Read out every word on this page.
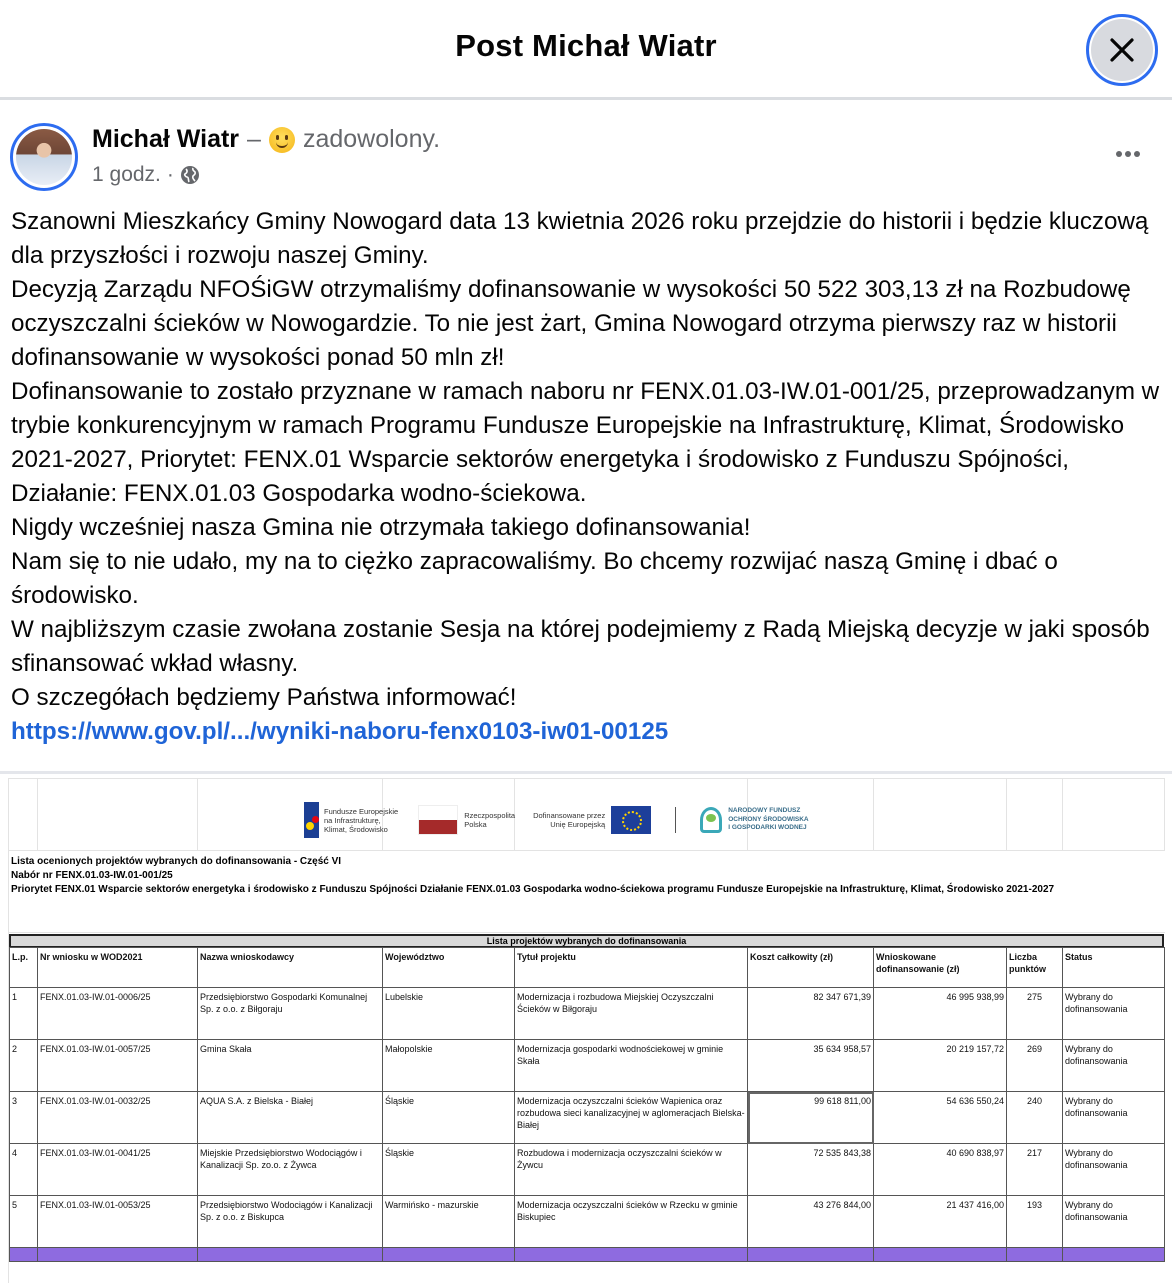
Post Michał Wiatr
Michał Wiatr – zadowolony.
1 godz. ·

Szanowni Mieszkańcy Gminy Nowogard data 13 kwietnia 2026 roku przejdzie do historii i będzie kluczową dla przyszłości i rozwoju naszej Gminy.

Decyzją Zarządu NFOŚiGW otrzymaliśmy dofinansowanie w wysokości 50 522 303,13 zł na Rozbudowę oczyszczalni ścieków w Nowogardzie. To nie jest żart, Gmina Nowogard otrzyma pierwszy raz w historii dofinansowanie w wysokości ponad 50 mln zł!

Dofinansowanie to zostało przyznane w ramach naboru nr FENX.01.03-IW.01-001/25, przeprowadzanym w trybie konkurencyjnym w ramach Programu Fundusze Europejskie na Infrastrukturę, Klimat, Środowisko 2021-2027, Priorytet: FENX.01 Wsparcie sektorów energetyka i środowisko z Funduszu Spójności, Działanie: FENX.01.03 Gospodarka wodno-ściekowa.

Nigdy wcześniej nasza Gmina nie otrzymała takiego dofinansowania!

Nam się to nie udało, my na to ciężko zapracowaliśmy. Bo chcemy rozwijać naszą Gminę i dbać o środowisko.

W najbliższym czasie zwołana zostanie Sesja na której podejmiemy z Radą Miejską decyzje w jaki sposób sfinansować wkład własny.

O szczegółach będziemy Państwa informować!

https://www.gov.pl/.../wyniki-naboru-fenx0103-iw01-00125
Fundusze Europejskie
na Infrastrukturę,
Klimat, Środowisko
Rzeczpospolita
Polska
Dofinansowane przez
Unię Europejską
NARODOWY FUNDUSZ
OCHRONY ŚRODOWISKA
I GOSPODARKI WODNEJ
Lista ocenionych projektów wybranych do dofinansowania - Część VI
Nabór nr FENX.01.03-IW.01-001/25
Priorytet FENX.01 Wsparcie sektorów energetyka i środowisko z Funduszu Spójności Działanie FENX.01.03 Gospodarka wodno-ściekowa programu Fundusze Europejskie na Infrastrukturę, Klimat, Środowisko 2021-2027
Lista projektów wybranych do dofinansowania
L.p.	Nr wniosku w WOD2021	Nazwa wnioskodawcy	Województwo	Tytuł projektu	Koszt całkowity (zł)	Wnioskowane dofinansowanie (zł)	Liczba punktów	Status
1	FENX.01.03-IW.01-0006/25	Przedsiębiorstwo Gospodarki Komunalnej Sp. z o.o. z Biłgoraju	Lubelskie	Modernizacja i rozbudowa Miejskiej Oczyszczalni Ścieków w Biłgoraju	82 347 671,39	46 995 938,99	275	Wybrany do dofinansowania
2	FENX.01.03-IW.01-0057/25	Gmina Skała	Małopolskie	Modernizacja gospodarki wodnościekowej w gminie Skała	35 634 958,57	20 219 157,72	269	Wybrany do dofinansowania
3	FENX.01.03-IW.01-0032/25	AQUA S.A. z Bielska - Białej	Śląskie	Modernizacja oczyszczalni ścieków Wapienica oraz rozbudowa sieci kanalizacyjnej w aglomeracjach Bielska-Białej	99 618 811,00	54 636 550,24	240	Wybrany do dofinansowania
4	FENX.01.03-IW.01-0041/25	Miejskie Przedsiębiorstwo Wodociągów i Kanalizacji Sp. zo.o. z Żywca	Śląskie	Rozbudowa i modernizacja oczyszczalni ścieków w Żywcu	72 535 843,38	40 690 838,97	217	Wybrany do dofinansowania
5	FENX.01.03-IW.01-0053/25	Przedsiębiorstwo Wodociągów i Kanalizacji Sp. z o.o. z Biskupca	Warmińsko - mazurskie	Modernizacja oczyszczalni ścieków w Rzecku w gminie Biskupiec	43 276 844,00	21 437 416,00	193	Wybrany do dofinansowania
